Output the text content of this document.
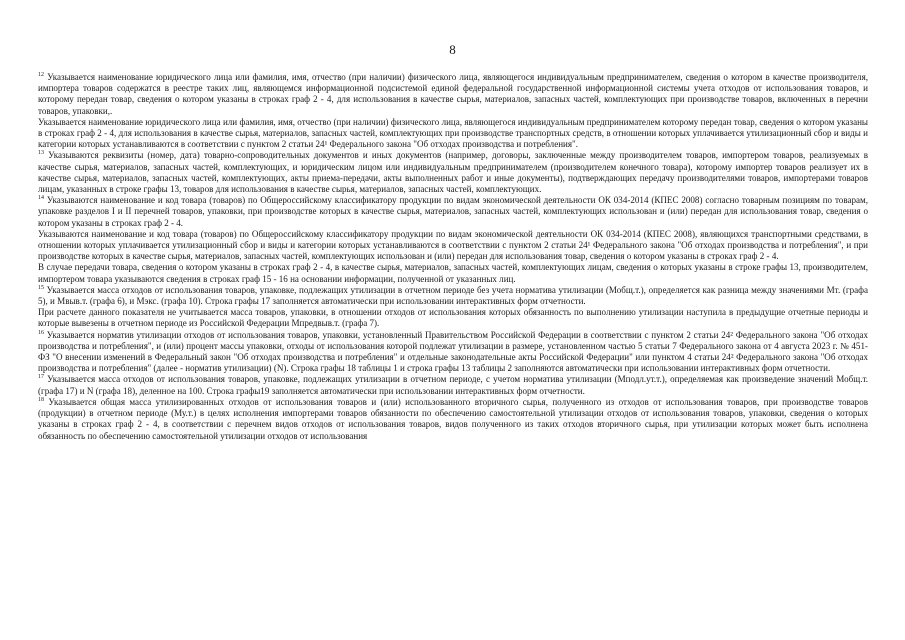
8

$^{12}$ Указывается наименование юридического лица или фамилия, имя, отчество (при наличии) физического лица, являющегося индивидуальным предпринимателем, сведения о котором в качестве производителя, импортера товаров содержатся в реестре таких лиц, являющемся информационной подсистемой единой федеральной государственной информационной системы учета отходов от использования товаров, и которому передан товар, сведения о котором указаны в строках граф 2 - 4, для использования в качестве сырья, материалов, запасных частей, комплектующих при производстве товаров, включенных в перечни товаров, упаковки,.

Указывается наименование юридического лица или фамилия, имя, отчество (при наличии) физического лица, являющегося индивидуальным предпринимателем которому передан товар, сведения о котором указаны в строках граф 2 - 4, для использования в качестве сырья, материалов, запасных частей, комплектующих при производстве транспортных средств, в отношении которых уплачивается утилизационный сбор и виды и категории которых устанавливаются в соответствии с пунктом 2 статьи 24¹ Федерального закона "Об отходах производства и потребления".

$^{13}$ Указываются реквизиты (номер, дата) товарно-сопроводительных документов и иных документов (например, договоры, заключенные между производителем товаров, импортером товаров, реализуемых в качестве сырья, материалов, запасных частей, комплектующих, и юридическим лицом или индивидуальным предпринимателем (производителем конечного товара), которому импортер товаров реализует их в качестве сырья, материалов, запасных частей, комплектующих, акты приема-передачи, акты выполненных работ и иные документы), подтверждающих передачу производителями товаров, импортерами товаров лицам, указанных в строке графы 13, товаров для использования в качестве сырья, материалов, запасных частей, комплектующих.

$^{14}$ Указываются наименование и код товара (товаров) по Общероссийскому классификатору продукции по видам экономической деятельности ОК 034-2014 (КПЕС 2008) согласно товарным позициям по товарам, упаковке разделов I и II перечней товаров, упаковки, при производстве которых в качестве сырья, материалов, запасных частей, комплектующих использован и (или) передан для использования товар, сведения о котором указаны в строках граф 2 - 4.

Указываются наименование и код товара (товаров) по Общероссийскому классификатору продукции по видам экономической деятельности ОК 034-2014 (КПЕС 2008), являющихся транспортными средствами, в отношении которых уплачивается утилизационный сбор и виды и категории которых устанавливаются в соответствии с пунктом 2 статьи 24¹ Федерального закона "Об отходах производства и потребления", и при производстве которых в качестве сырья, материалов, запасных частей, комплектующих использован и (или) передан для использования товар, сведения о котором указаны в строках граф 2 - 4.

В случае передачи товара, сведения о котором указаны в строках граф 2 - 4, в качестве сырья, материалов, запасных частей, комплектующих лицам, сведения о которых указаны в строке графы 13, производителем, импортером товара указываются сведения в строках граф 15 - 16 на основании информации, полученной от указанных лиц.

$^{15}$ Указывается масса отходов от использования товаров, упаковке, подлежащих утилизации в отчетном периоде без учета норматива утилизации (Мобщ.т.), определяется как разница между значениями Мт. (графа 5), и Мвыв.т. (графа 6), и Мэкс. (графа 10). Строка графы 17 заполняется автоматически при использовании интерактивных форм отчетности.

При расчете данного показателя не учитывается масса товаров, упаковки, в отношении отходов от использования которых обязанность по выполнению утилизации наступила в предыдущие отчетные периоды и которые вывезены в отчетном периоде из Российской Федерации Мпредвыв.т. (графа 7).

$^{16}$ Указывается норматив утилизации отходов от использования товаров, упаковки, установленный Правительством Российской Федерации в соответствии с пунктом 2 статьи 24² Федерального закона "Об отходах производства и потребления", и (или) процент массы упаковки, отходы от использования которой подлежат утилизации в размере, установленном частью 5 статьи 7 Федерального закона от 4 августа 2023 г. № 451-ФЗ "О внесении изменений в Федеральный закон "Об отходах производства и потребления" и отдельные законодательные акты Российской Федерации" или пунктом 4 статьи 24² Федерального закона "Об отходах производства и потребления" (далее - норматив утилизации) (N). Строка графы 18 таблицы 1 и строка графы 13 таблицы 2 заполняются автоматически при использовании интерактивных форм отчетности.

$^{17}$ Указывается масса отходов от использования товаров, упаковке, подлежащих утилизации в отчетном периоде, с учетом норматива утилизации (Мподл.ут.т.), определяемая как произведение значений Мобщ.т. (графа 17) и N (графа 18), деленное на 100. Строка графы19 заполняется автоматически при использовании интерактивных форм отчетности.

$^{18}$ Указывается общая масса утилизированных отходов от использования товаров и (или) использованного вторичного сырья, полученного из отходов от использования товаров, при производстве товаров (продукции) в отчетном периоде (Му.т.) в целях исполнения импортерами товаров обязанности по обеспечению самостоятельной утилизации отходов от использования товаров, упаковки, сведения о которых указаны в строках граф 2 - 4, в соответствии с перечнем видов отходов от использования товаров, видов полученного из таких отходов вторичного сырья, при утилизации которых может быть исполнена обязанность по обеспечению самостоятельной утилизации отходов от использования
